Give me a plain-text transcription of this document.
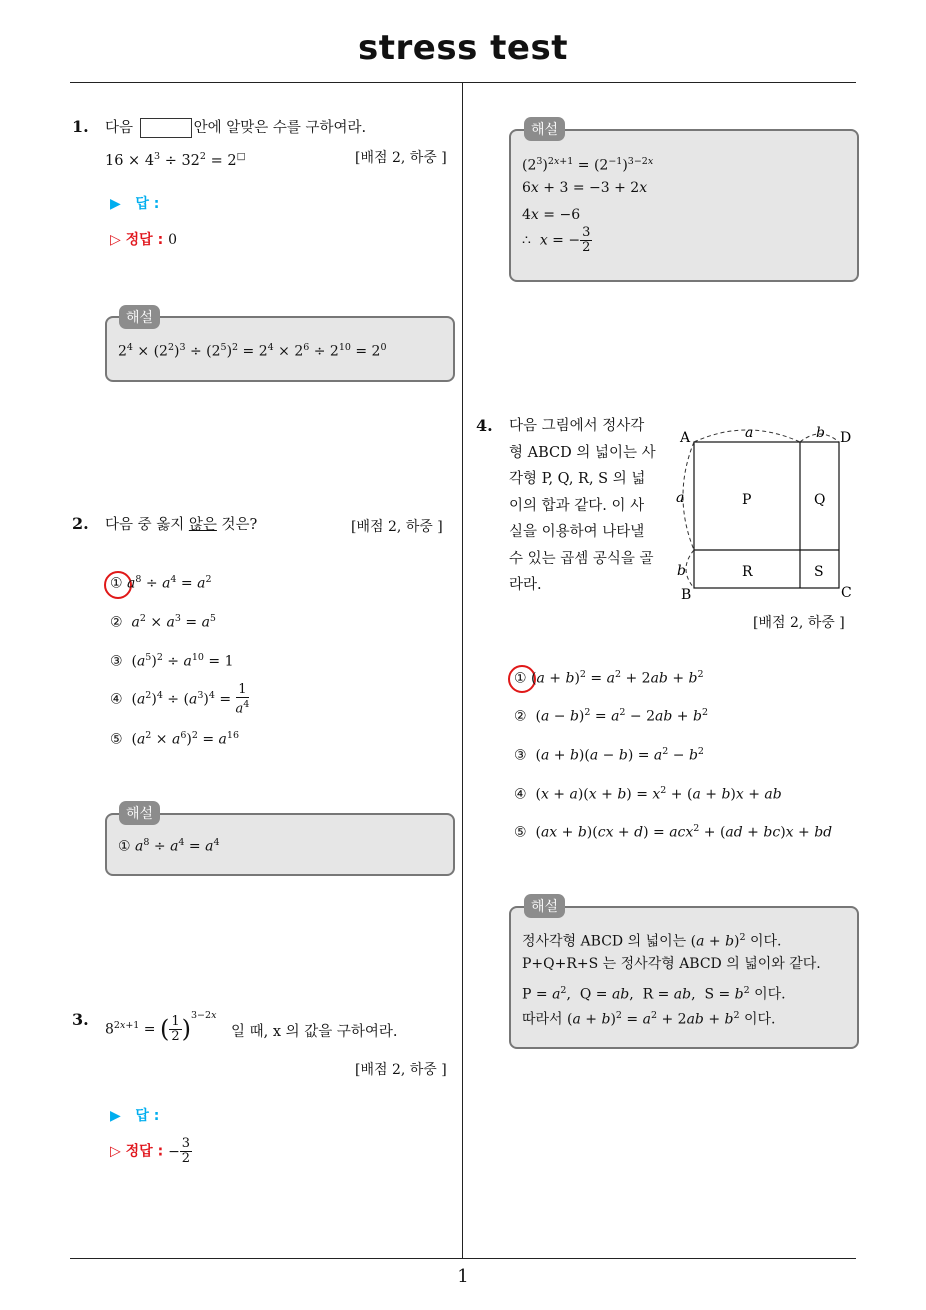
stress test
1
1. 다음	안에 알맞은 수를 구하여라.
$16 \times 4^3 \div 32^2 = 2^□$	[배점 2, 하중 ]
▶ 답 :
▷ 정답 : 0
해설
$2^4 \times (2^2)^3 \div (2^5)^2 = 2^4 \times 2^6 \div 2^{10} = 2^0$
2. 다음 중 옳지 않은 것은?	[배점 2, 하중 ]
① $a^8 \div a^4 = a^2$
② $a^2 \times a^3 = a^5$
③  $(a^5)^2 \div a^{10} = 1$
④  $(a^2)^4 \div (a^3)^4 = \frac{1}{a^4}$
⑤  $(a^2 \times a^6)^2 = a^{16}$
해설
① $a^8 \div a^4 = a^4$
3.
$8^{2x+1}$ = ( $\frac{1}{2} )^{3-2x}$
일 때, x 의 값을 구하여라.
[배점 2, 하중 ]
▶ 답 :
▷ 정답 : − $\frac{3}{2}$
해설
$(2^3)^{2x+1} = (2^{-1})^{3-2x}$
6x + 3 = −3 + 2x
4x = −6
∴  x = − $\frac{3}{2}$
4. 다음 그림에서 정사각
형 ABCD 의 넓이는 사
각형 P, Q, R, S 의 넓
이의 합과 같다. 이 사
실을 이용하여 나타낼
수 있는 곱셈 공식을 골
라라.
A	D
B	C
a	b
a
b
P	Q
R	S
[배점 2, 하중 ]
① $(a + b)^2 = a^2 + 2ab + b^2$
②  $(a - b)^2 = a^2 - 2ab + b^2$
③  $(a + b)(a - b) = a^2 - b^2$
④  $(x + a)(x + b) = x^2 + (a + b)x$ + ab
⑤  (ax + b)(cx + d) = acx$^2$ + (ad + bc)x + bd
해설
정사각형 ABCD 의 넓이는 $(a + b)^2$ 이다.
P+Q+R+S 는 정사각형 ABCD 의 넓이와 같다.
$P = a^2$,  Q = ab,  R = ab,  $S = b^2$ 이다.
따라서 $(a + b)^2 = a^2 + 2ab + b^2$ 이다.
